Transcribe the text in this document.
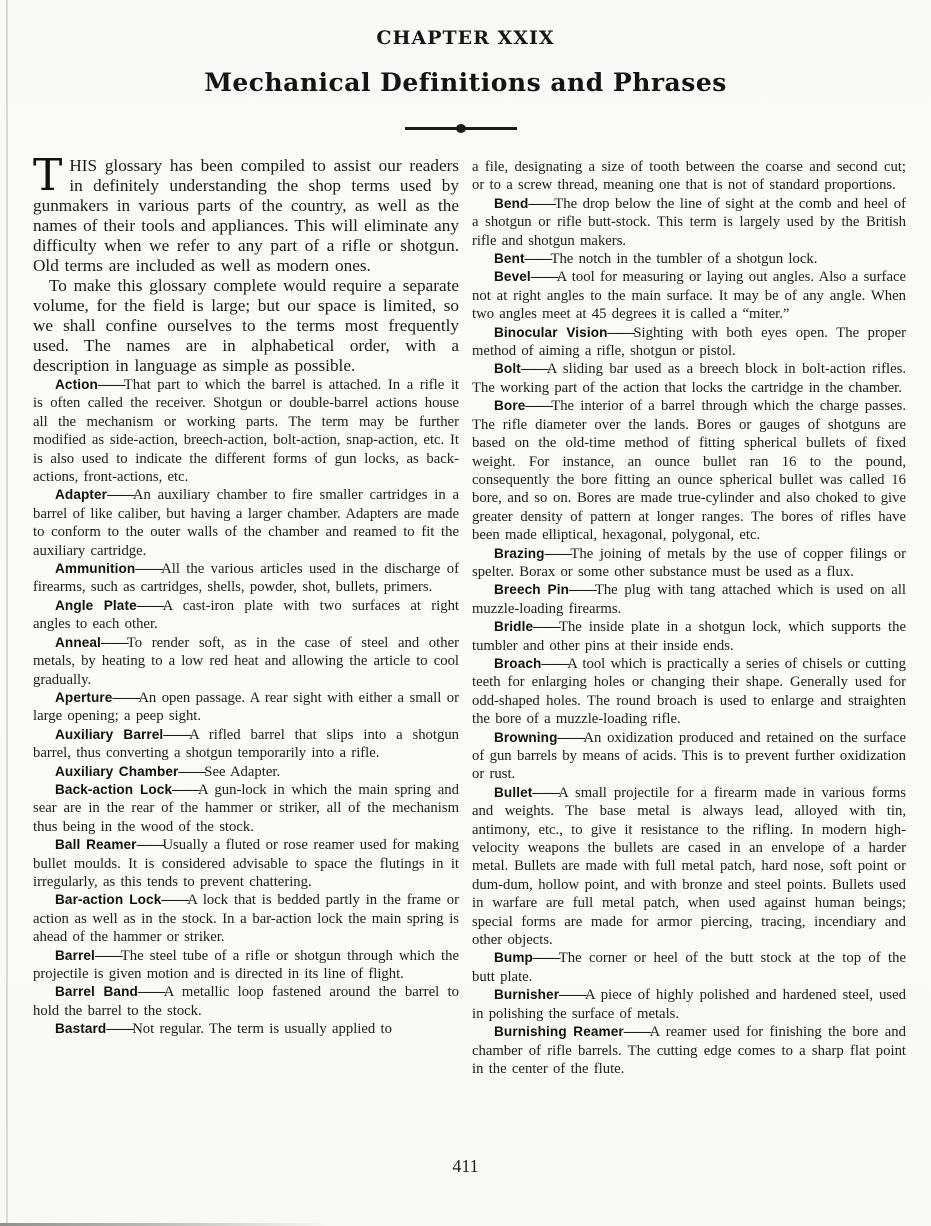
CHAPTER XXIX
Mechanical Definitions and Phrases

THIS glossary has been compiled to assist our readers in definitely understanding the shop terms used by gunmakers in various parts of the country, as well as the names of their tools and appliances. This will eliminate any difficulty when we refer to any part of a rifle or shotgun. Old terms are included as well as modern ones.

To make this glossary complete would require a separate volume, for the field is large; but our space is limited, so we shall confine ourselves to the terms most frequently used. The names are in alphabetical order, with a description in language as simple as possible.

Action——That part to which the barrel is attached. In a rifle it is often called the receiver. Shotgun or double-barrel actions house all the mechanism or working parts. The term may be further modified as side-action, breech-action, bolt-action, snap-action, etc. It is also used to indicate the different forms of gun locks, as back-actions, front-actions, etc.

Adapter——An auxiliary chamber to fire smaller cartridges in a barrel of like caliber, but having a larger chamber. Adapters are made to conform to the outer walls of the chamber and reamed to fit the auxiliary cartridge.

Ammunition——All the various articles used in the discharge of firearms, such as cartridges, shells, powder, shot, bullets, primers.

Angle Plate——A cast-iron plate with two surfaces at right angles to each other.

Anneal——To render soft, as in the case of steel and other metals, by heating to a low red heat and allowing the article to cool gradually.

Aperture——An open passage. A rear sight with either a small or large opening; a peep sight.

Auxiliary Barrel——A rifled barrel that slips into a shotgun barrel, thus converting a shotgun temporarily into a rifle.

Auxiliary Chamber——See Adapter.

Back-action Lock——A gun-lock in which the main spring and sear are in the rear of the hammer or striker, all of the mechanism thus being in the wood of the stock.

Ball Reamer——Usually a fluted or rose reamer used for making bullet moulds. It is considered advisable to space the flutings in it irregularly, as this tends to prevent chattering.

Bar-action Lock——A lock that is bedded partly in the frame or action as well as in the stock. In a bar-action lock the main spring is ahead of the hammer or striker.

Barrel——The steel tube of a rifle or shotgun through which the projectile is given motion and is directed in its line of flight.

Barrel Band——A metallic loop fastened around the barrel to hold the barrel to the stock.

Bastard——Not regular. The term is usually applied to

a file, designating a size of tooth between the coarse and second cut; or to a screw thread, meaning one that is not of standard proportions.

Bend——The drop below the line of sight at the comb and heel of a shotgun or rifle butt-stock. This term is largely used by the British rifle and shotgun makers.

Bent——The notch in the tumbler of a shotgun lock.

Bevel——A tool for measuring or laying out angles. Also a surface not at right angles to the main surface. It may be of any angle. When two angles meet at 45 degrees it is called a “miter.”

Binocular Vision——Sighting with both eyes open. The proper method of aiming a rifle, shotgun or pistol.

Bolt——A sliding bar used as a breech block in bolt-action rifles. The working part of the action that locks the cartridge in the chamber.

Bore——The interior of a barrel through which the charge passes. The rifle diameter over the lands. Bores or gauges of shotguns are based on the old-time method of fitting spherical bullets of fixed weight. For instance, an ounce bullet ran 16 to the pound, consequently the bore fitting an ounce spherical bullet was called 16 bore, and so on. Bores are made true-cylinder and also choked to give greater density of pattern at longer ranges. The bores of rifles have been made elliptical, hexagonal, polygonal, etc.

Brazing——The joining of metals by the use of copper filings or spelter. Borax or some other substance must be used as a flux.

Breech Pin——The plug with tang attached which is used on all muzzle-loading firearms.

Bridle——The inside plate in a shotgun lock, which supports the tumbler and other pins at their inside ends.

Broach——A tool which is practically a series of chisels or cutting teeth for enlarging holes or changing their shape. Generally used for odd-shaped holes. The round broach is used to enlarge and straighten the bore of a muzzle-loading rifle.

Browning——An oxidization produced and retained on the surface of gun barrels by means of acids. This is to prevent further oxidization or rust.

Bullet——A small projectile for a firearm made in various forms and weights. The base metal is always lead, alloyed with tin, antimony, etc., to give it resistance to the rifling. In modern high-velocity weapons the bullets are cased in an envelope of a harder metal. Bullets are made with full metal patch, hard nose, soft point or dum-dum, hollow point, and with bronze and steel points. Bullets used in warfare are full metal patch, when used against human beings; special forms are made for armor piercing, tracing, incendiary and other objects.

Bump——The corner or heel of the butt stock at the top of the butt plate.

Burnisher——A piece of highly polished and hardened steel, used in polishing the surface of metals.

Burnishing Reamer——A reamer used for finishing the bore and chamber of rifle barrels. The cutting edge comes to a sharp flat point in the center of the flute.

411
